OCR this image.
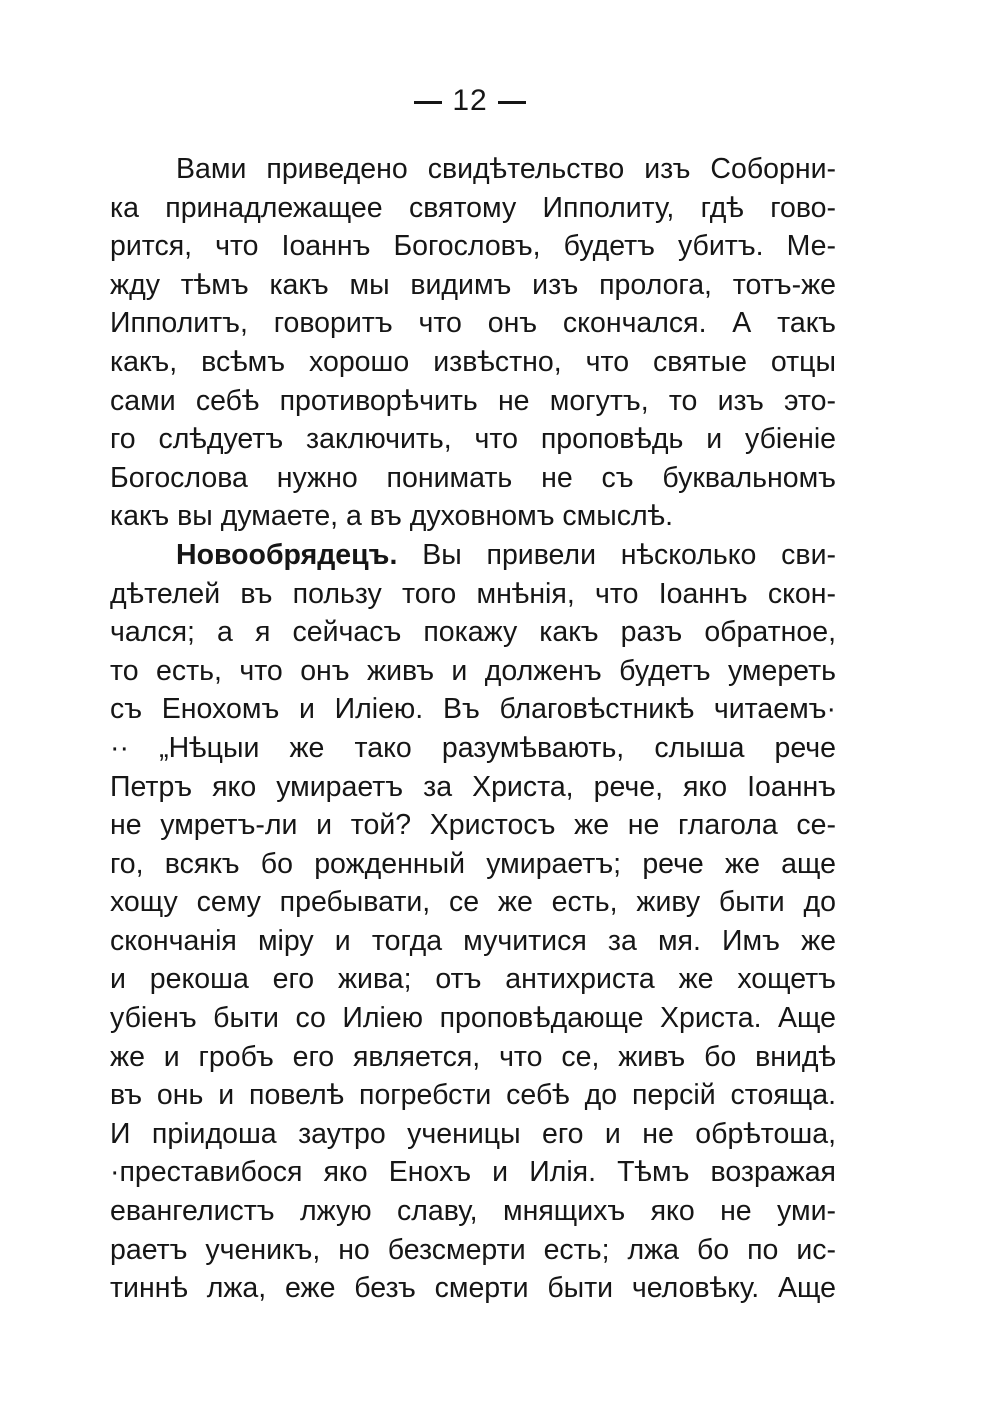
12
Вами приведено свидѣтельство изъ Соборни-
ка принадлежащее святому Ипполиту, гдѣ гово-
рится, что Іоаннъ Богословъ, будетъ убитъ. Ме-
жду тѣмъ какъ мы видимъ изъ пролога, тотъ-же
Ипполитъ, говоритъ что онъ скончался. А такъ
какъ, всѣмъ хорошо извѣстно, что святые отцы
сами себѣ противорѣчить не могутъ, то изъ это-
го слѣдуетъ заключить, что проповѣдь и убіеніе
Богослова нужно понимать не съ буквальномъ
какъ вы думаете, а въ духовномъ смыслѣ.
Новообрядецъ. Вы привели нѣсколько сви-
дѣтелей въ пользу того мнѣнія, что Іоаннъ скон-
чался; а я сейчасъ покажу какъ разъ обратное,
то есть, что онъ живъ и долженъ будетъ умереть
съ Енохомъ и Иліею. Въ благовѣстникѣ читаемъ·
·· „Нѣцыи же тако разумѣвають, слыша рече
Петръ яко умираетъ за Христа, рече, яко Іоаннъ
не умретъ-ли и той? Христосъ же не глагола се-
го, всякъ бо рожденный умираетъ; рече же аще
хощу сему пребывати, се же есть, живу быти до
скончанія міру и тогда мучитися за мя. Имъ же
и рекоша его жива; отъ антихриста же хощетъ
убіенъ быти со Иліею проповѣдающе Христа. Аще
же и гробъ его является, что се, живъ бо внидѣ
въ онь и повелѣ погребсти себѣ до персій стояща.
И пріидоша заутро ученицы его и не обрѣтоша,
·преставибося яко Енохъ и Илія. Тѣмъ возражая
евангелистъ лжую славу, мнящихъ яко не уми-
раетъ ученикъ, но безсмерти есть; лжа бо по ис-
тиннѣ лжа, еже безъ смерти быти человѣку. Аще
